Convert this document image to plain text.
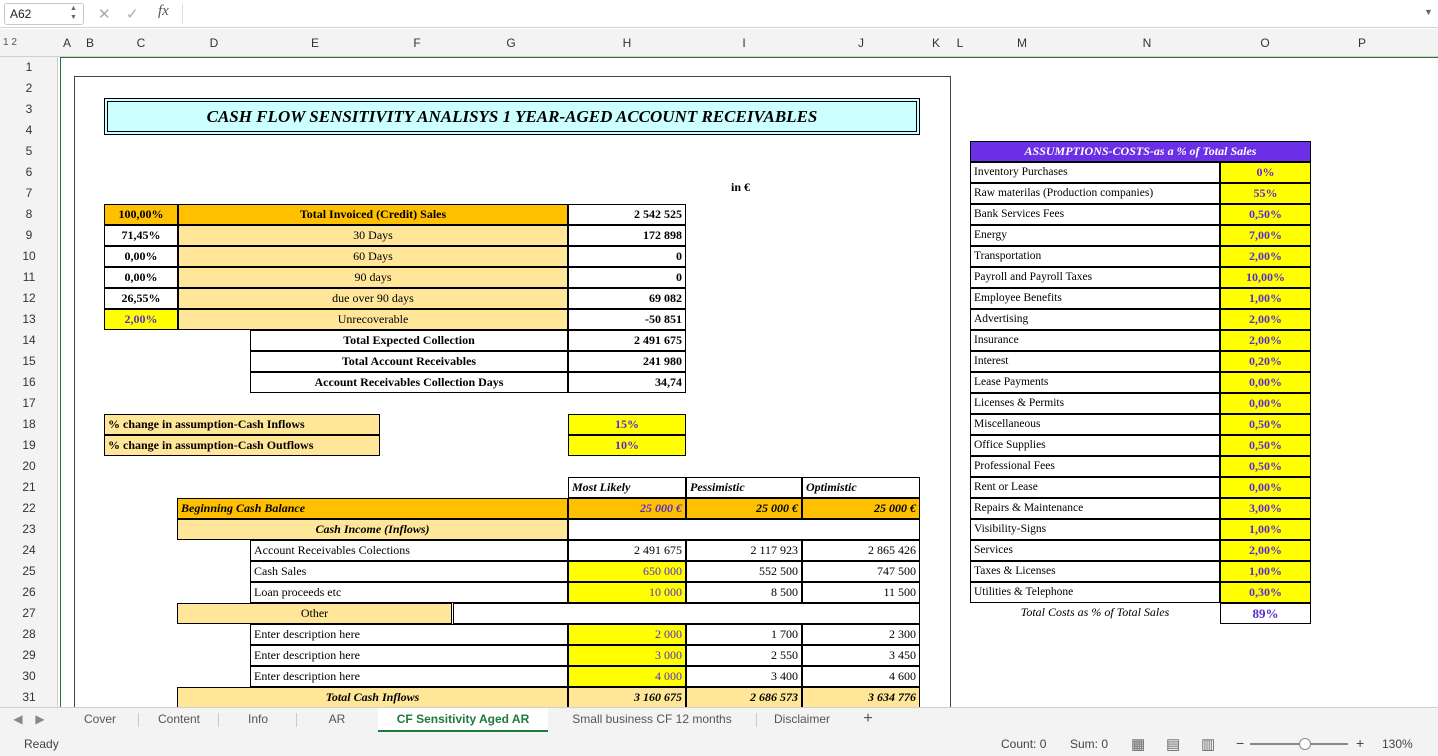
A62	▲
▼ ✕ ✓ fx	▼
1 2	A	B	C	D	E	F	G	H	I	J	K	L	M	N	O	P
1
2
3
4
5
6
7
8
9
10
11
12
13
14
15
16
17
18
19
20
21
22
23
24
25
26
27
28
29
30
31
CASH FLOW SENSITIVITY ANALISYS 1 YEAR-AGED ACCOUNT RECEIVABLES
in €
100,00%	Total Invoiced (Credit) Sales	2 542 525
71,45%	30 Days	172 898
0,00%	60 Days	0
0,00%	90 days	0
26,55%	due over 90 days	69 082
2,00%	Unrecoverable	-50 851
Total Expected Collection	2 491 675
Total Account Receivables	241 980
Account Receivables Collection Days	34,74
% change in assumption-Cash Inflows	15%
% change in assumption-Cash Outflows	10%
Most Likely	Pessimistic	Optimistic
Beginning Cash Balance	25 000 €	25 000 €	25 000 €
Cash Income (Inflows)
Account Receivables Colections	2 491 675	2 117 923	2 865 426
Cash Sales	650 000	552 500	747 500
Loan proceeds etc	10 000	8 500	11 500
Other
Enter description here	2 000	1 700	2 300
Enter description here	3 000	2 550	3 450
Enter description here	4 000	3 400	4 600
Total Cash Inflows	3 160 675	2 686 573	3 634 776
ASSUMPTIONS-COSTS-as a % of Total Sales
Inventory Purchases	0%
Raw materilas (Production companies)	55%
Bank Services Fees	0,50%
Energy	7,00%
Transportation	2,00%
Payroll and Payroll Taxes	10,00%
Employee Benefits	1,00%
Advertising	2,00%
Insurance	2,00%
Interest	0,20%
Lease Payments	0,00%
Licenses & Permits	0,00%
Miscellaneous	0,50%
Office Supplies	0,50%
Professional Fees	0,50%
Rent or Lease	0,00%
Repairs & Maintenance	3,00%
Visibility-Signs	1,00%
Services	2,00%
Taxes & Licenses	1,00%
Utilities & Telephone	0,30%
Total Costs as % of Total Sales	89%
◀ ▶	Cover	Content	Info	AR	CF Sensitivity Aged AR	Small business CF 12 months	Disclaimer	+
Ready	Count: 0 Sum: 0 ▦ ▤ ▥ −	+ 130%
